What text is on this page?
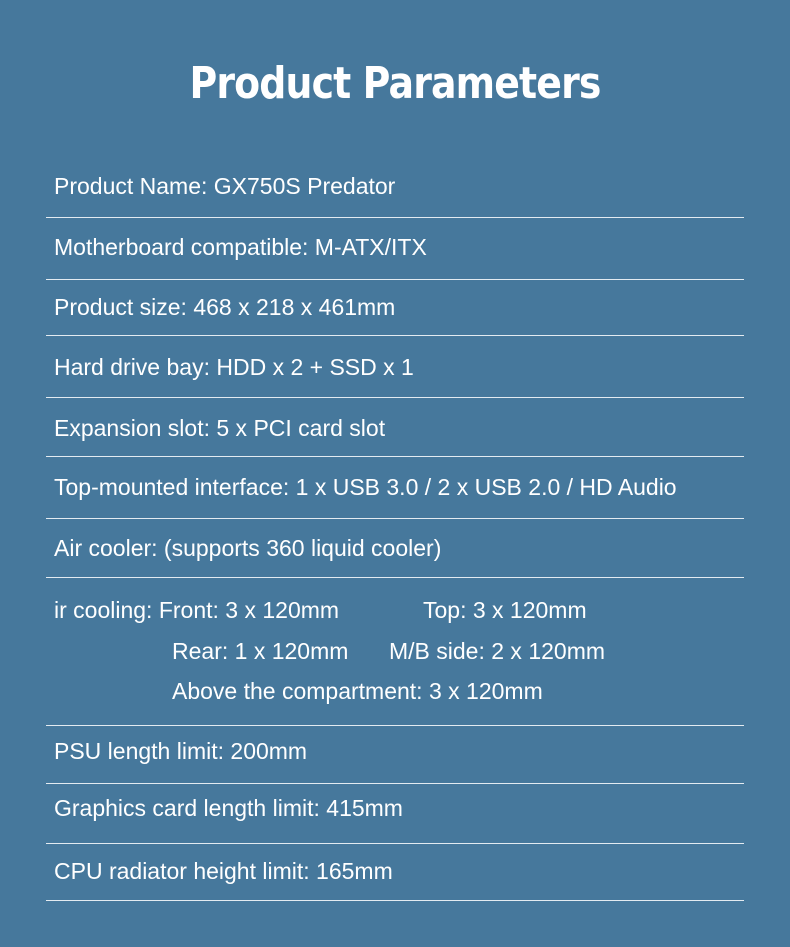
Product Parameters
Product Name: GX750S Predator
Motherboard compatible: M-ATX/ITX
Product size: 468 x 218 x 461mm
Hard drive bay: HDD x 2 + SSD x 1
Expansion slot: 5 x PCI card slot
Top-mounted interface: 1 x USB 3.0 / 2 x USB 2.0 / HD Audio
Air cooler: (supports 360 liquid cooler)
ir cooling: Front: 3 x 120mm	Top: 3 x 120mm
Rear: 1 x 120mm M/B side: 2 x 120mm
Above the compartment: 3 x 120mm
PSU length limit: 200mm
Graphics card length limit: 415mm
CPU radiator height limit: 165mm
